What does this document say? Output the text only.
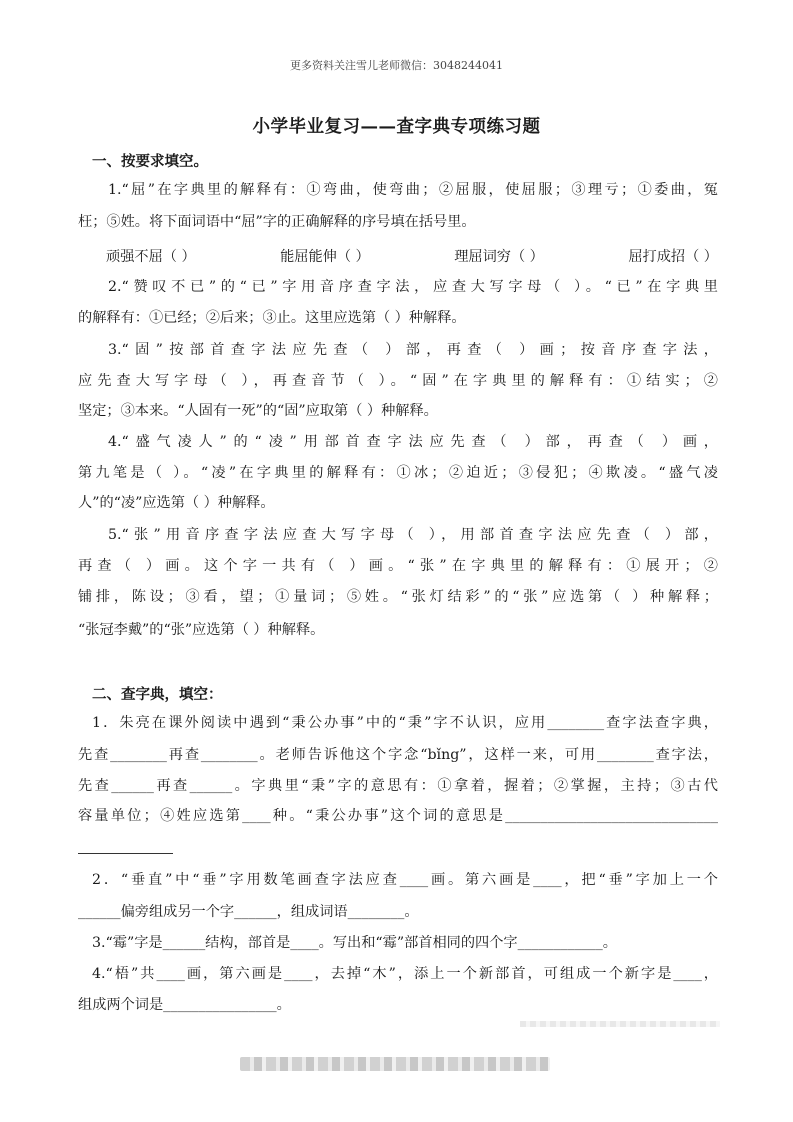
更多资料关注雪儿老师微信：3048244041
小学毕业复习——查字典专项练习题
一、按要求填空。
1.“屈”在字典里的解释有：①弯曲，使弯曲；②屈服，使屈服；③理亏；①委曲，冤
枉；⑤姓。将下面词语中“屈”字的正确解释的序号填在括号里。
顽强不屈（ ）	能屈能伸（ ）	理屈词穷（ ）	屈打成招（ ）
2.“赞叹不已”的“已”字用音序查字法，应查大写字母（ ）。“已”在字典里
的解释有：①已经；②后来；③止。这里应选第（ ）种解释。
3.“固”按部首查字法应先查（ ）部，再查（ ）画；按音序查字法，
应先查大写字母（ ），再查音节（ ）。“固”在字典里的解释有：①结实；②
坚定；③本来。“人固有一死”的“固”应取第（ ）种解释。
4.“盛气凌人”的“凌”用部首查字法应先查（ ）部，再查（ ）画，
第九笔是（ ）。“凌”在字典里的解释有：①冰；②迫近；③侵犯；④欺凌。“盛气凌
人”的“凌”应选第（ ）种解释。
5.“张”用音序查字法应查大写字母（ ），用部首查字法应先查（ ）部，
再查（ ）画。这个字一共有（ ）画。“张”在字典里的解释有：①展开；②
铺排，陈设；③看，望；①量词；⑤姓。“张灯结彩”的“张”应选第（ ）种解释；
“张冠李戴”的“张”应选第（ ）种解释。
二、查字典，填空：
1．朱亮在课外阅读中遇到“秉公办事”中的“秉”字不认识，应用________查字法查字典，
先查________再查________。老师告诉他这个字念“bǐng”，这样一来，可用________查字法，
先查______再查______。字典里“秉”字的意思有：①拿着，握着；②掌握，主持；③古代
容量单位；④姓应选第____种。“秉公办事”这个词的意思是______________________________
2．“垂直”中“垂”字用数笔画查字法应查____画。第六画是____，把“垂”字加上一个
______偏旁组成另一个字______，组成词语________。
3.“霉”字是______结构，部首是____。写出和“霉”部首相同的四个字____________。
4.“梧”共____画，第六画是____，去掉“木”，添上一个新部首，可组成一个新字是____，
组成两个词是________________。
